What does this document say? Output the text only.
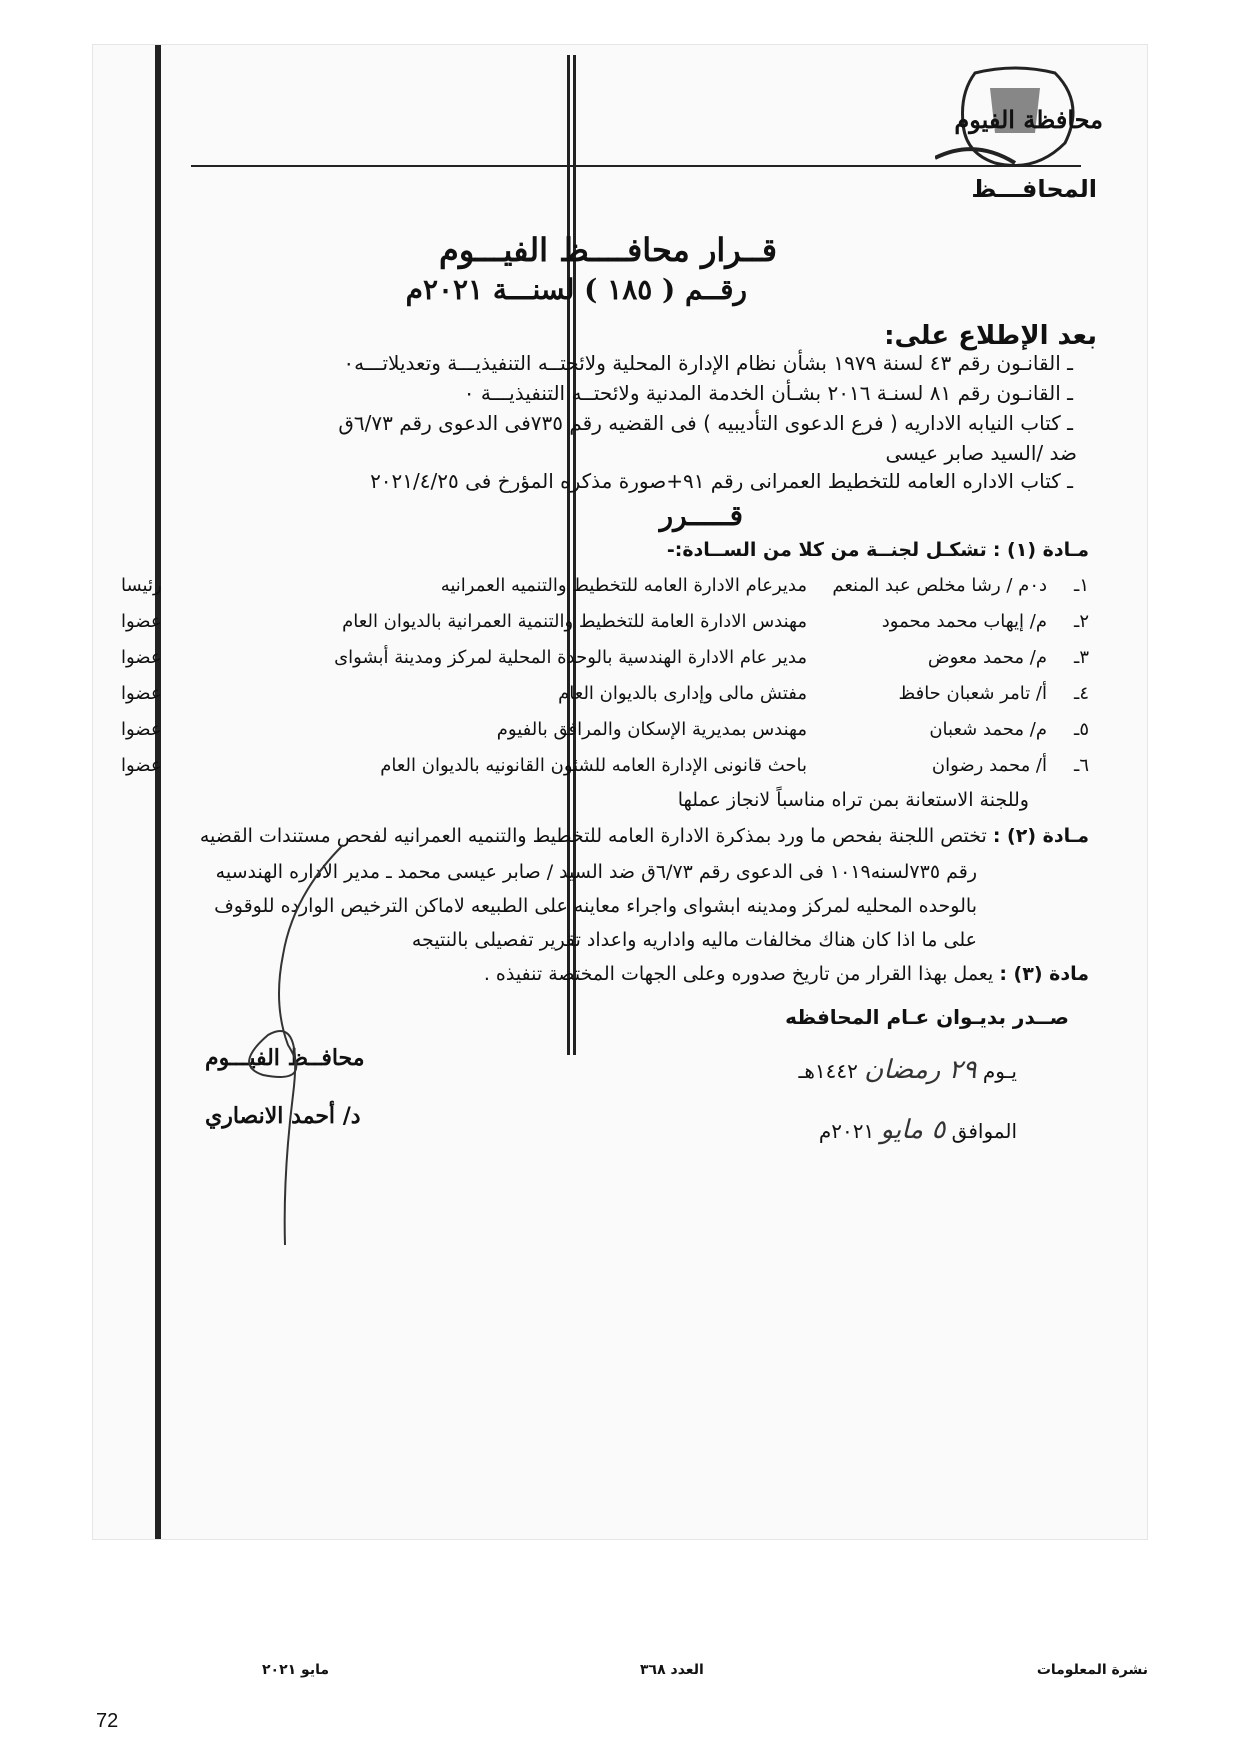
محافظة الفيوم
المحافـــظ
قــرار محافــــظ الفيـــوم
رقــم ( ١٨٥ ) لسنـــة ٢٠٢١م
بعد الإطلاع على:
ـ القانـون رقم ٤٣ لسنة ١٩٧٩ بشأن نظام الإدارة المحلية ولائحتــه التنفيذيـــة وتعديلاتـــه٠
ـ القانـون رقم ٨١ لسنـة ٢٠١٦ بشـأن الخدمة المدنية ولائحتــه التنفيذيـــة ٠
ـ كتاب النيابه الاداريه ( فرع الدعوى التأديبيه ) فى القضيه رقم ٧٣٥فى الدعوى رقم ٦/٧٣ق
ضد /السيد صابر عيسى
ـ كتاب الاداره العامه للتخطيط العمرانى رقم ٩١+صورة مذكره المؤرخ فى ٢٠٢١/٤/٢٥
قـــــرر
مـادة (١) : تشكـل لجنــة من كلا من الســادة:-
١ـ
د٠م / رشا مخلص عبد المنعم
مديرعام الادارة العامه للتخطيط والتنميه العمرانيه
رئيسا
٢ـ
م/ إيهاب محمد محمود
مهندس الادارة العامة للتخطيط والتنمية العمرانية بالديوان العام
عضوا
٣ـ
م/ محمد معوض
مدير عام الادارة الهندسية بالوحدة المحلية لمركز ومدينة أبشواى
عضوا
٤ـ
أ/ تامر شعبان حافظ
مفتش مالى وإدارى بالديوان العام
عضوا
٥ـ
م/ محمد شعبان
مهندس بمديرية الإسكان والمرافق بالفيوم
عضوا
٦ـ
أ/ محمد رضوان
باحث قانونى الإدارة العامه للشئون القانونيه بالديوان العام
عضوا
وللجنة الاستعانة بمن تراه مناسباً لانجاز عملها
مـادة (٢) : تختص اللجنة بفحص ما ورد بمذكرة الادارة العامه للتخطيط والتنميه العمرانيه لفحص مستندات القضيه
رقم ٧٣٥لسنه١٠١٩ فى الدعوى رقم ٦/٧٣ق ضد السيد / صابر عيسى محمد ـ مدير الاداره الهندسيه
بالوحده المحليه لمركز ومدينه ابشواى واجراء معاينه على الطبيعه لاماكن الترخيص الوارده للوقوف
على ما اذا كان هناك مخالفات ماليه واداريه واعداد تقرير تفصيلى بالنتيجه
مادة (٣) : يعمل بهذا القرار من تاريخ صدوره وعلى الجهات المختصة تنفيذه .
صــدر بديـوان عـام المحافظه
يـوم ٢٩ رمضان ١٤٤٢هـ
الموافق ٥ مايو ٢٠٢١م
محافــظ الفيـــوم
د/ أحمد الانصاري
نشرة المعلومات
العدد ٣٦٨
مايو ٢٠٢١
72
